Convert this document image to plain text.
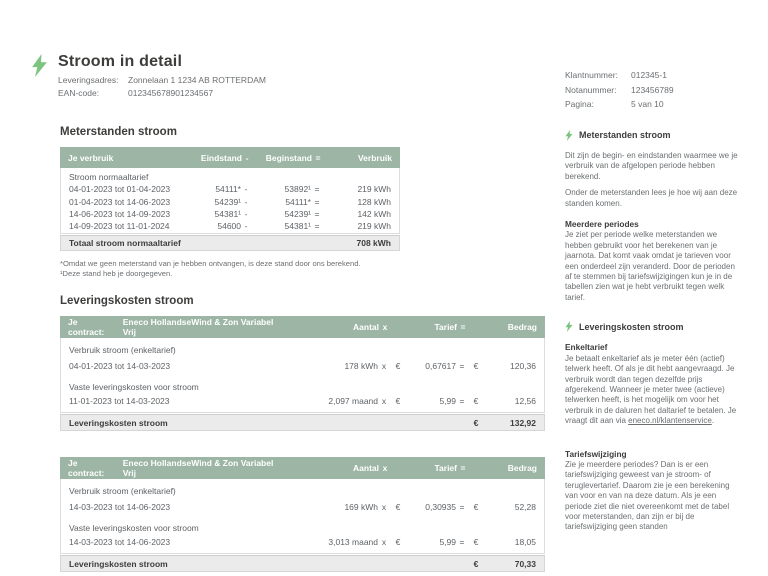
Stroom in detail
Leveringsadres:	Zonnelaan 1 1234 AB ROTTERDAM
EAN-code:	012345678901234567
Klantnummer:	012345-1
Notanummer:	123456789
Pagina:	5 van 10
Meterstanden stroom
Je verbruik	Eindstand -	Beginstand =	Verbruik
Stroom normaaltarief
04-01-2023 tot 01-04-2023	54111* -	53892¹ =	219 kWh
01-04-2023 tot 14-06-2023	54239¹ -	54111* =	128 kWh
14-06-2023 tot 14-09-2023	54381¹ -	54239¹ =	142 kWh
14-09-2023 tot 11-01-2024	54600 -	54381¹ =	219 kWh
Totaal stroom normaaltarief	708 kWh
*Omdat we geen meterstand van je hebben ontvangen, is deze stand door ons berekend.
¹Deze stand heb je doorgegeven.
Leveringskosten stroom
Je contract:
Eneco HollandseWind & Zon Variabel Vrij	Aantal x	Tarief =	Bedrag
Verbruik stroom (enkeltarief)
04-01-2023 tot 14-03-2023	178 kWh x	€	0,67617 =	€	120,36
Vaste leveringskosten voor stroom
11-01-2023 tot 14-03-2023	2,097 maand x	€	5,99 =	€	12,56
Leveringskosten stroom	€	132,92
Je contract:
Eneco HollandseWind & Zon Variabel Vrij	Aantal x	Tarief =	Bedrag
Verbruik stroom (enkeltarief)
14-03-2023 tot 14-06-2023	169 kWh x	€	0,30935 =	€	52,28
Vaste leveringskosten voor stroom
14-03-2023 tot 14-06-2023	3,013 maand x	€	5,99 =	€	18,05
Leveringskosten stroom	€	70,33
Meterstanden stroom
Dit zijn de begin- en eindstanden waarmee we je verbruik van de afgelopen periode hebben berekend.
Onder de meterstanden lees je hoe wij aan deze standen komen.
Meerdere periodes
Je ziet per periode welke meterstanden we hebben gebruikt voor het berekenen van je jaarnota. Dat komt vaak omdat je tarieven voor een onderdeel zijn veranderd. Door de perioden af te stemmen bij tariefswijzigingen kun je in de tabellen zien wat je hebt verbruikt tegen welk tarief.
Leveringskosten stroom
Enkeltarief
Je betaalt enkeltarief als je meter één (actief) telwerk heeft. Of als je dit hebt aangevraagd. Je verbruik wordt dan tegen dezelfde prijs afgerekend. Wanneer je meter twee (actieve) telwerken heeft, is het mogelijk om voor het verbruik in de daluren het daltarief te betalen. Je vraagt dit aan via eneco.nl/klantenservice.
Tariefswijziging
Zie je meerdere periodes? Dan is er een tariefswijziging geweest van je stroom- of teruglevertarief. Daarom zie je een berekening van voor en van na deze datum. Als je een periode ziet die niet overeenkomt met de tabel voor meterstanden, dan zijn er bij de tariefswijziging geen standen
